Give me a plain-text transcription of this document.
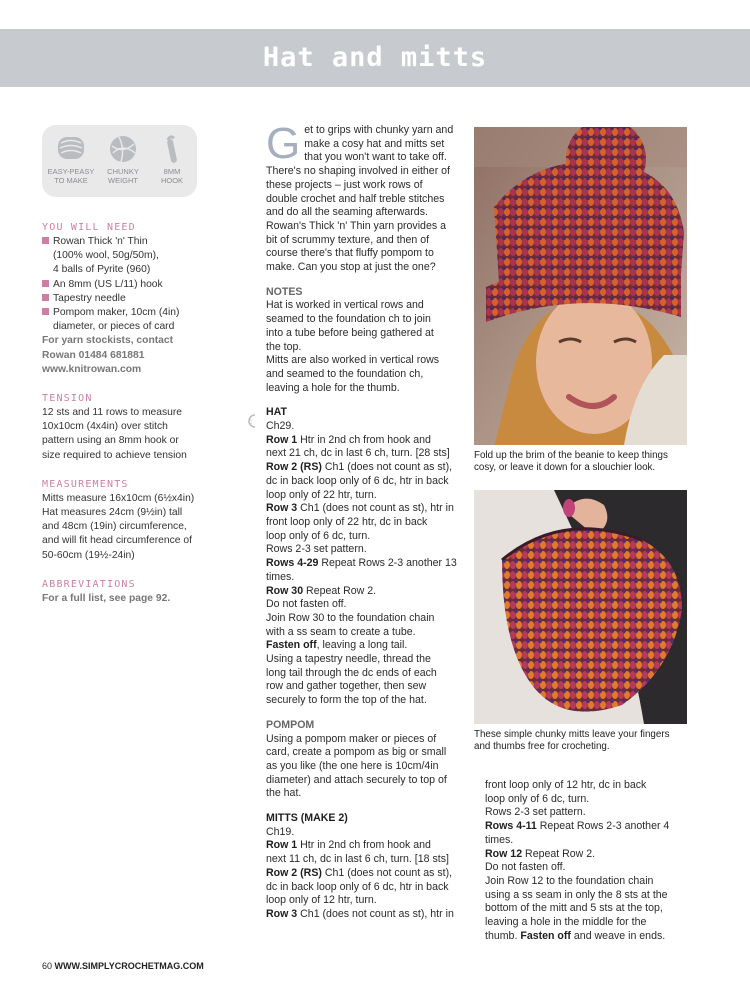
Hat and mitts
EASY-PEASY
TO MAKE
CHUNKY
WEIGHT
8MM
HOOK
YOU WILL NEED
Rowan Thick 'n' Thin
(100% wool, 50g/50m),
4 balls of Pyrite (960)
An 8mm (US L/11) hook
Tapestry needle
Pompom maker, 10cm (4in)
diameter, or pieces of card
For yarn stockists, contact
Rowan 01484 681881
www.knitrowan.com
TENSION
12 sts and 11 rows to measure
10x10cm (4x4in) over stitch
pattern using an 8mm hook or
size required to achieve tension
MEASUREMENTS
Mitts measure 16x10cm (6½x4in)
Hat measures 24cm (9½in) tall
and 48cm (19in) circumference,
and will fit head circumference of
50-60cm (19½-24in)
ABBREVIATIONS
For a full list, see page 92.
G et to grips with chunky yarn and
make a cosy hat and mitts set
that you won't want to take off.
There's no shaping involved in either of
these projects – just work rows of
double crochet and half treble stitches
and do all the seaming afterwards.
Rowan's Thick 'n' Thin yarn provides a
bit of scrummy texture, and then of
course there's that fluffy pompom to
make. Can you stop at just the one?
NOTES
Hat is worked in vertical rows and
seamed to the foundation ch to join
into a tube before being gathered at
the top.
Mitts are also worked in vertical rows
and seamed to the foundation ch,
leaving a hole for the thumb.
HAT
Ch29.
Row 1 Htr in 2nd ch from hook and
next 21 ch, dc in last 6 ch, turn. [28 sts]
Row 2 (RS) Ch1 (does not count as st),
dc in back loop only of 6 dc, htr in back
loop only of 22 htr, turn.
Row 3 Ch1 (does not count as st), htr in
front loop only of 22 htr, dc in back
loop only of 6 dc, turn.
Rows 2-3 set pattern.
Rows 4-29 Repeat Rows 2-3 another 13
times.
Row 30 Repeat Row 2.
Do not fasten off.
Join Row 30 to the foundation chain
with a ss seam to create a tube.
Fasten off, leaving a long tail.
Using a tapestry needle, thread the
long tail through the dc ends of each
row and gather together, then sew
securely to form the top of the hat.
POMPOM
Using a pompom maker or pieces of
card, create a pompom as big or small
as you like (the one here is 10cm/4in
diameter) and attach securely to top of
the hat.
MITTS (MAKE 2)
Ch19.
Row 1 Htr in 2nd ch from hook and
next 11 ch, dc in last 6 ch, turn. [18 sts]
Row 2 (RS) Ch1 (does not count as st),
dc in back loop only of 6 dc, htr in back
loop only of 12 htr, turn.
Row 3 Ch1 (does not count as st), htr in
c
Fold up the brim of the beanie to keep things
cosy, or leave it down for a slouchier look.
These simple chunky mitts leave your fingers
and thumbs free for crocheting.
front loop only of 12 htr, dc in back
loop only of 6 dc, turn.
Rows 2-3 set pattern.
Rows 4-11 Repeat Rows 2-3 another 4
times.
Row 12 Repeat Row 2.
Do not fasten off.
Join Row 12 to the foundation chain
using a ss seam in only the 8 sts at the
bottom of the mitt and 5 sts at the top,
leaving a hole in the middle for the
thumb. Fasten off and weave in ends.
60 WWW.SIMPLYCROCHETMAG.COM
